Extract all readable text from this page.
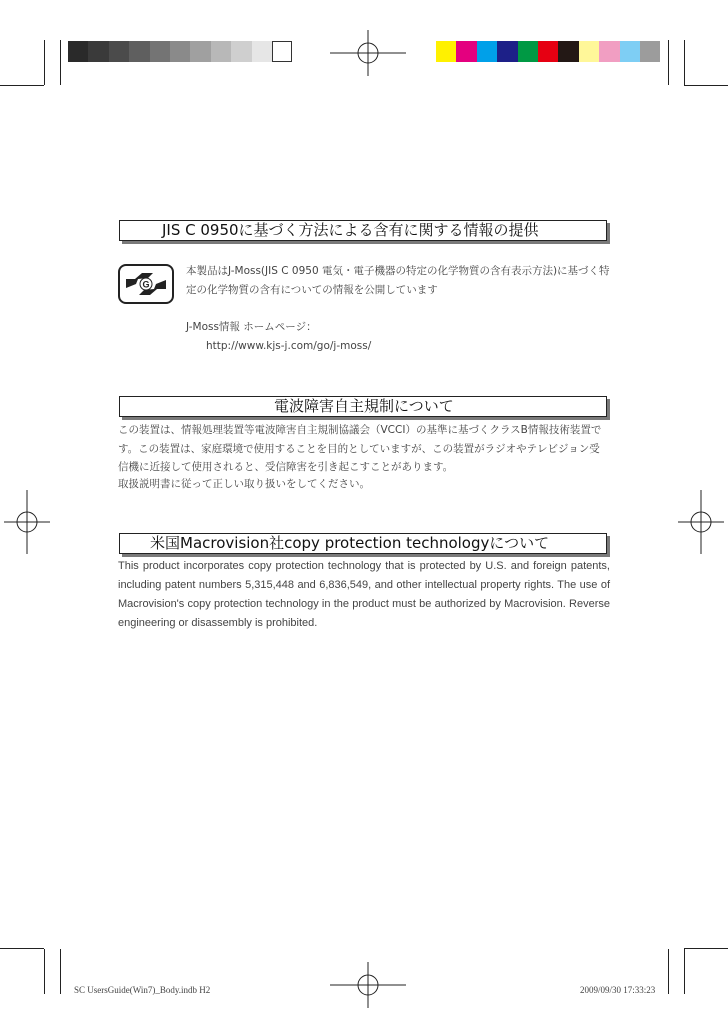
JIS C 0950に基づく方法による含有に関する情報の提供
G
本製品はJ-Moss(JIS C 0950 電気・電子機器の特定の化学物質の含有表示方法)に基づく特定の化学物質の含有についての情報を公開しています
J-Moss情報 ホームページ：
http://www.kjs-j.com/go/j-moss/
電波障害自主規制について
この装置は、情報処理装置等電波障害自主規制協議会（VCCI）の基準に基づくクラスB情報技術装置です。この装置は、家庭環境で使用することを目的としていますが、この装置がラジオやテレビジョン受信機に近接して使用されると、受信障害を引き起こすことがあります。
取扱説明書に従って正しい取り扱いをしてください。
米国Macrovision社copy protection technologyについて
This product incorporates copy protection technology that is protected by U.S. and foreign patents, including patent numbers 5,315,448 and 6,836,549, and other intellectual property rights. The use of Macrovision's copy protection technology in the product must be authorized by Macrovision. Reverse engineering or disassembly is prohibited.
SC UsersGuide(Win7)_Body.indb H2	2009/09/30 17:33:23
